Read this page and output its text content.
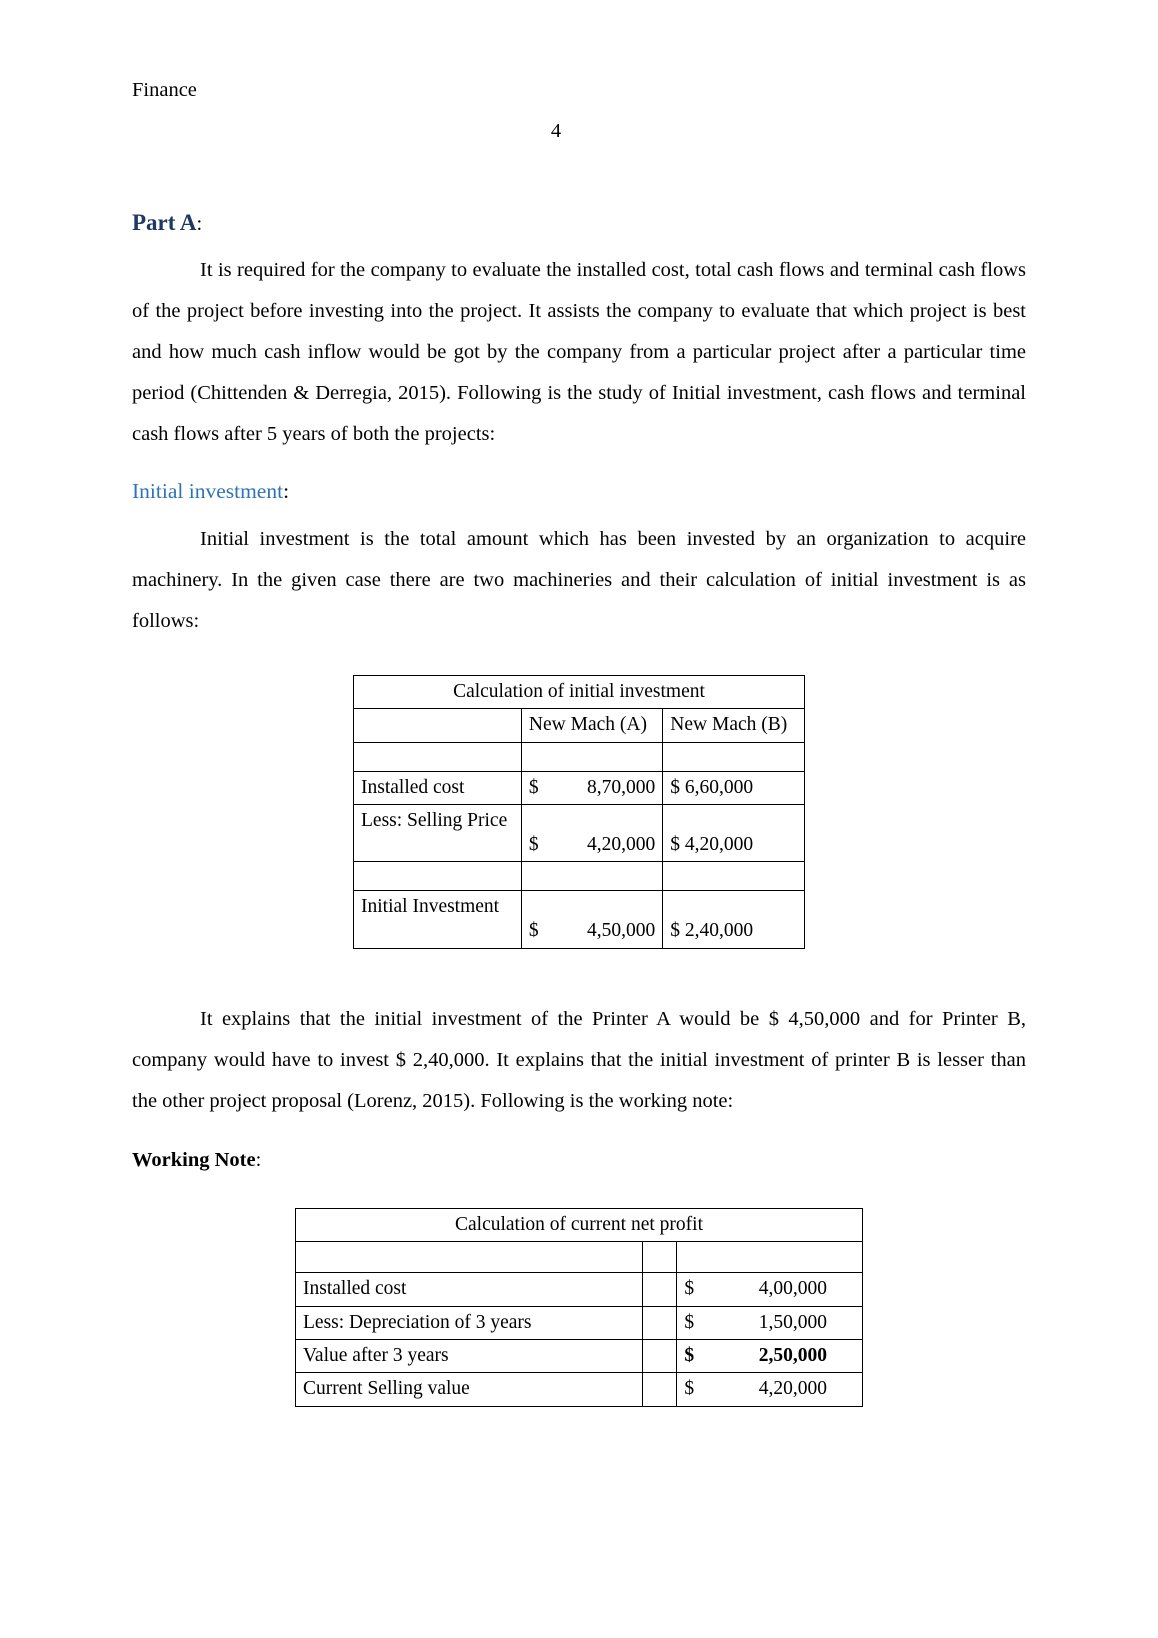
Finance
4
Part A:

It is required for the company to evaluate the installed cost, total cash flows and terminal cash flows of the project before investing into the project. It assists the company to evaluate that which project is best and how much cash inflow would be got by the company from a particular project after a particular time period (Chittenden & Derregia, 2015). Following is the study of Initial investment, cash flows and terminal cash flows after 5 years of both the projects:

Initial investment:

Initial investment is the total amount which has been invested by an organization to acquire machinery. In the given case there are two machineries and their calculation of initial investment is as follows:

Calculation of initial investment		
	New Mach (A)	New Mach (B)

Installed cost	$ 8,70,000	$ 6,60,000
Less: Selling Price	$ 4,20,000	$ 4,20,000

Initial Investment	$ 4,50,000	$ 2,40,000

It explains that the initial investment of the Printer A would be $ 4,50,000 and for Printer B, company would have to invest $ 2,40,000. It explains that the initial investment of printer B is lesser than the other project proposal (Lorenz, 2015). Following is the working note:

Working Note:
Calculation of current net profit		

Installed cost		$ 4,00,000

Less: Depreciation of 3 years		$ 1,50,000

Value after 3 years		$ 2,50,000

Current Selling value		$ 4,20,000
